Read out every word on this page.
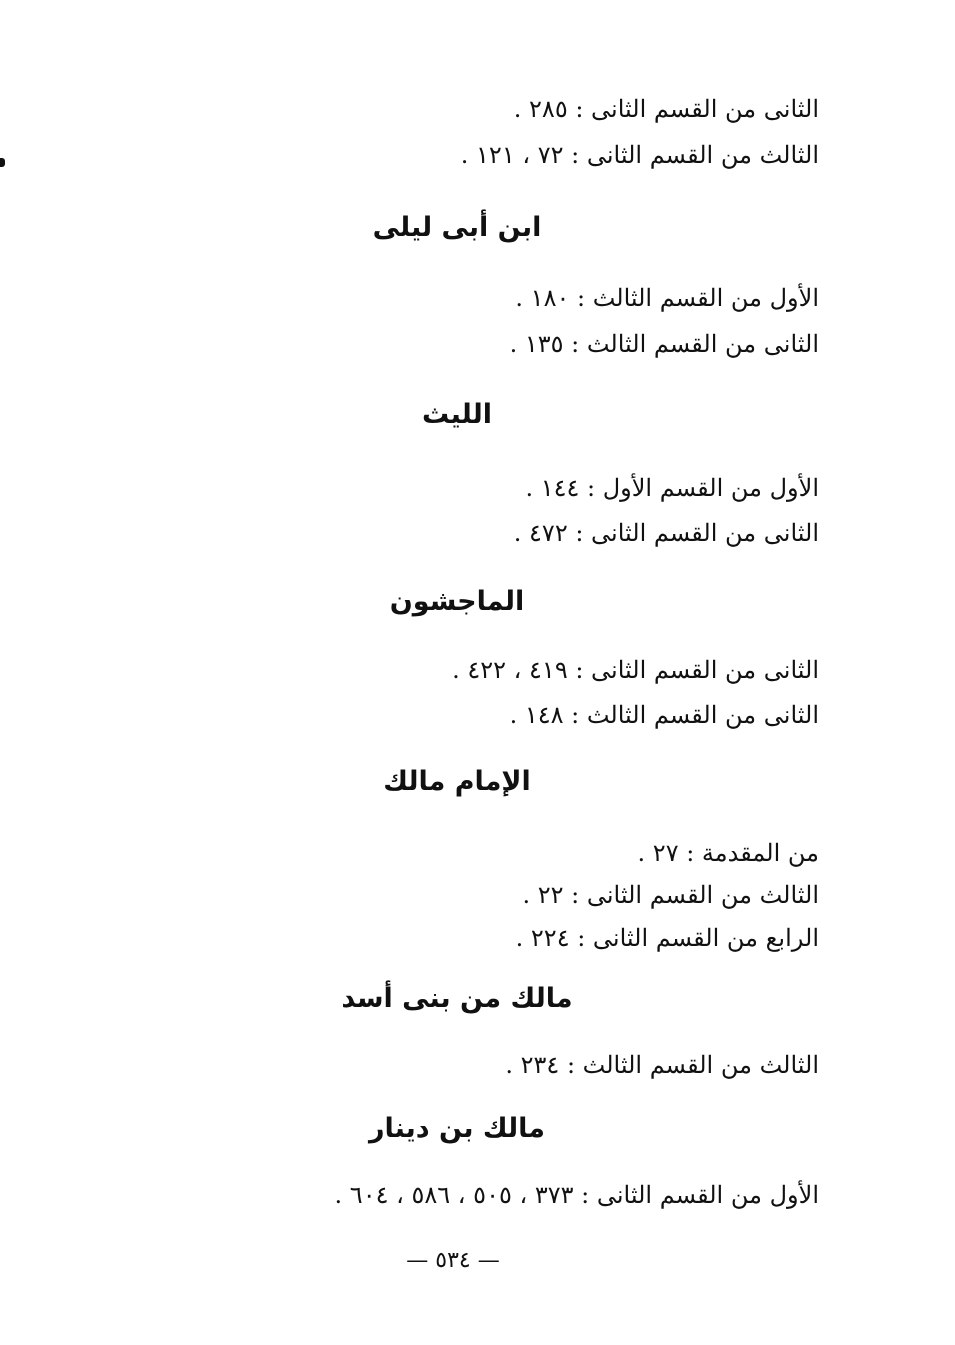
الثانى من القسم الثانى : ٢٨٥ .
الثالث من القسم الثانى : ٧٢ ، ١٢١ .
ابن أبى ليلى
الأول من القسم الثالث : ١٨٠ .
الثانى من القسم الثالث : ١٣٥ .
الليث
الأول من القسم الأول : ١٤٤ .
الثانى من القسم الثانى : ٤٧٢ .
الماجشون
الثانى من القسم الثانى : ٤١٩ ، ٤٢٢ .
الثانى من القسم الثالث : ١٤٨ .
الإمام مالك
من المقدمة : ٢٧ .
الثالث من القسم الثانى : ٢٢ .
الرابع من القسم الثانى : ٢٢٤ .
مالك من بنى أسد
الثالث من القسم الثالث : ٢٣٤ .
مالك بن دينار
الأول من القسم الثانى : ٣٧٣ ، ٥٠٥ ، ٥٨٦ ، ٦٠٤ .
— ٥٣٤ —
